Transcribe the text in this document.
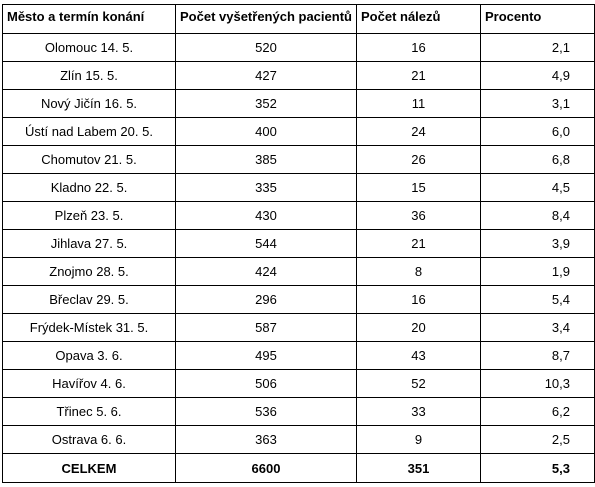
Město a termín konání	Počet vyšetřených pacientů	Počet nálezů	Procento
Olomouc 14. 5.	520	16	2,1
Zlín 15. 5.	427	21	4,9
Nový Jičín 16. 5.	352	11	3,1
Ústí nad Labem 20. 5.	400	24	6,0
Chomutov 21. 5.	385	26	6,8
Kladno 22. 5.	335	15	4,5
Plzeň 23. 5.	430	36	8,4
Jihlava 27. 5.	544	21	3,9
Znojmo 28. 5.	424	8	1,9
Břeclav 29. 5.	296	16	5,4
Frýdek-Místek 31. 5.	587	20	3,4
Opava 3. 6.	495	43	8,7
Havířov 4. 6.	506	52	10,3
Třinec 5. 6.	536	33	6,2
Ostrava 6. 6.	363	9	2,5
CELKEM	6600	351	5,3
